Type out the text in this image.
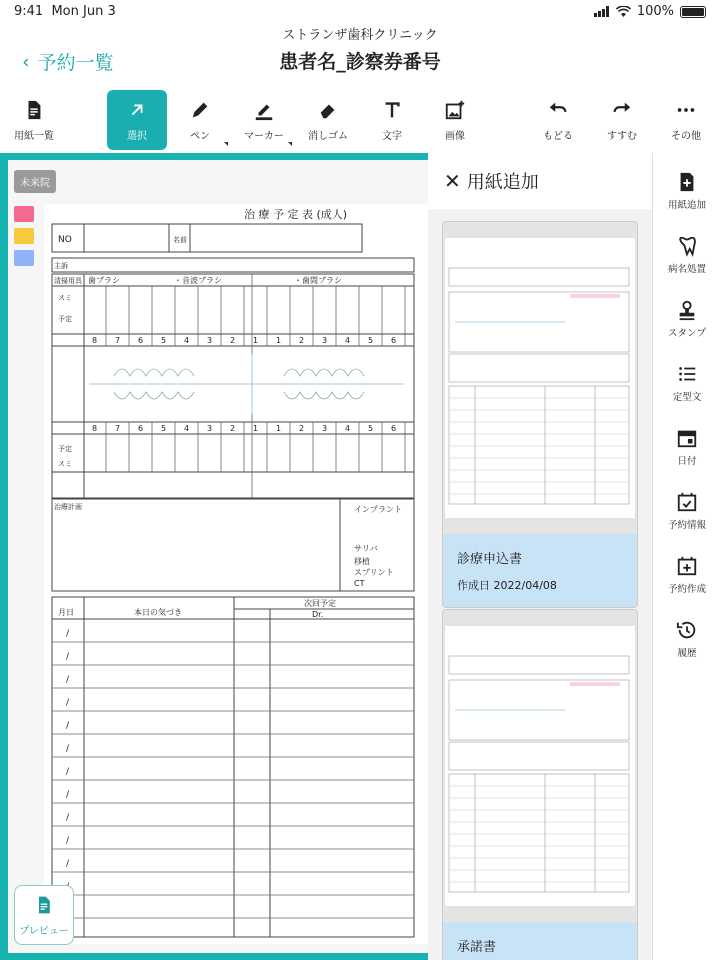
9:41 Mon Jun 3	100%
ストランザ歯科クリニック
‹ 予約一覧	患者名_診察券番号
用紙一覧	選択	ペン	マーカー 消しゴム	文字	画像	もどる	すすむ	その他
未来院
治 療 予 定 表 (成人)
NO	名前
主訴
清掃用具 歯ブラシ	・音波ブラシ	・歯間ブラシ
スミ
予定
予定
スミ
治療計画
8 7 6 5 4 3 2 1 1 2 3 4 5 6
8 7 6 5 4 3 2 1 1 2 3 4 5 6
インプラント
サリバ
移植
スプリント
CT
月日	本日の気づき
次回予定
Dr.
/
/
/
/
/
/
/
/
/
/
/
プレビュー
✕ 用紙追加
診療申込書
作成日 2022/04/08
承諾書
用紙追加
病名処置
スタンプ
定型文
日付
予約情報
予約作成
履歴
